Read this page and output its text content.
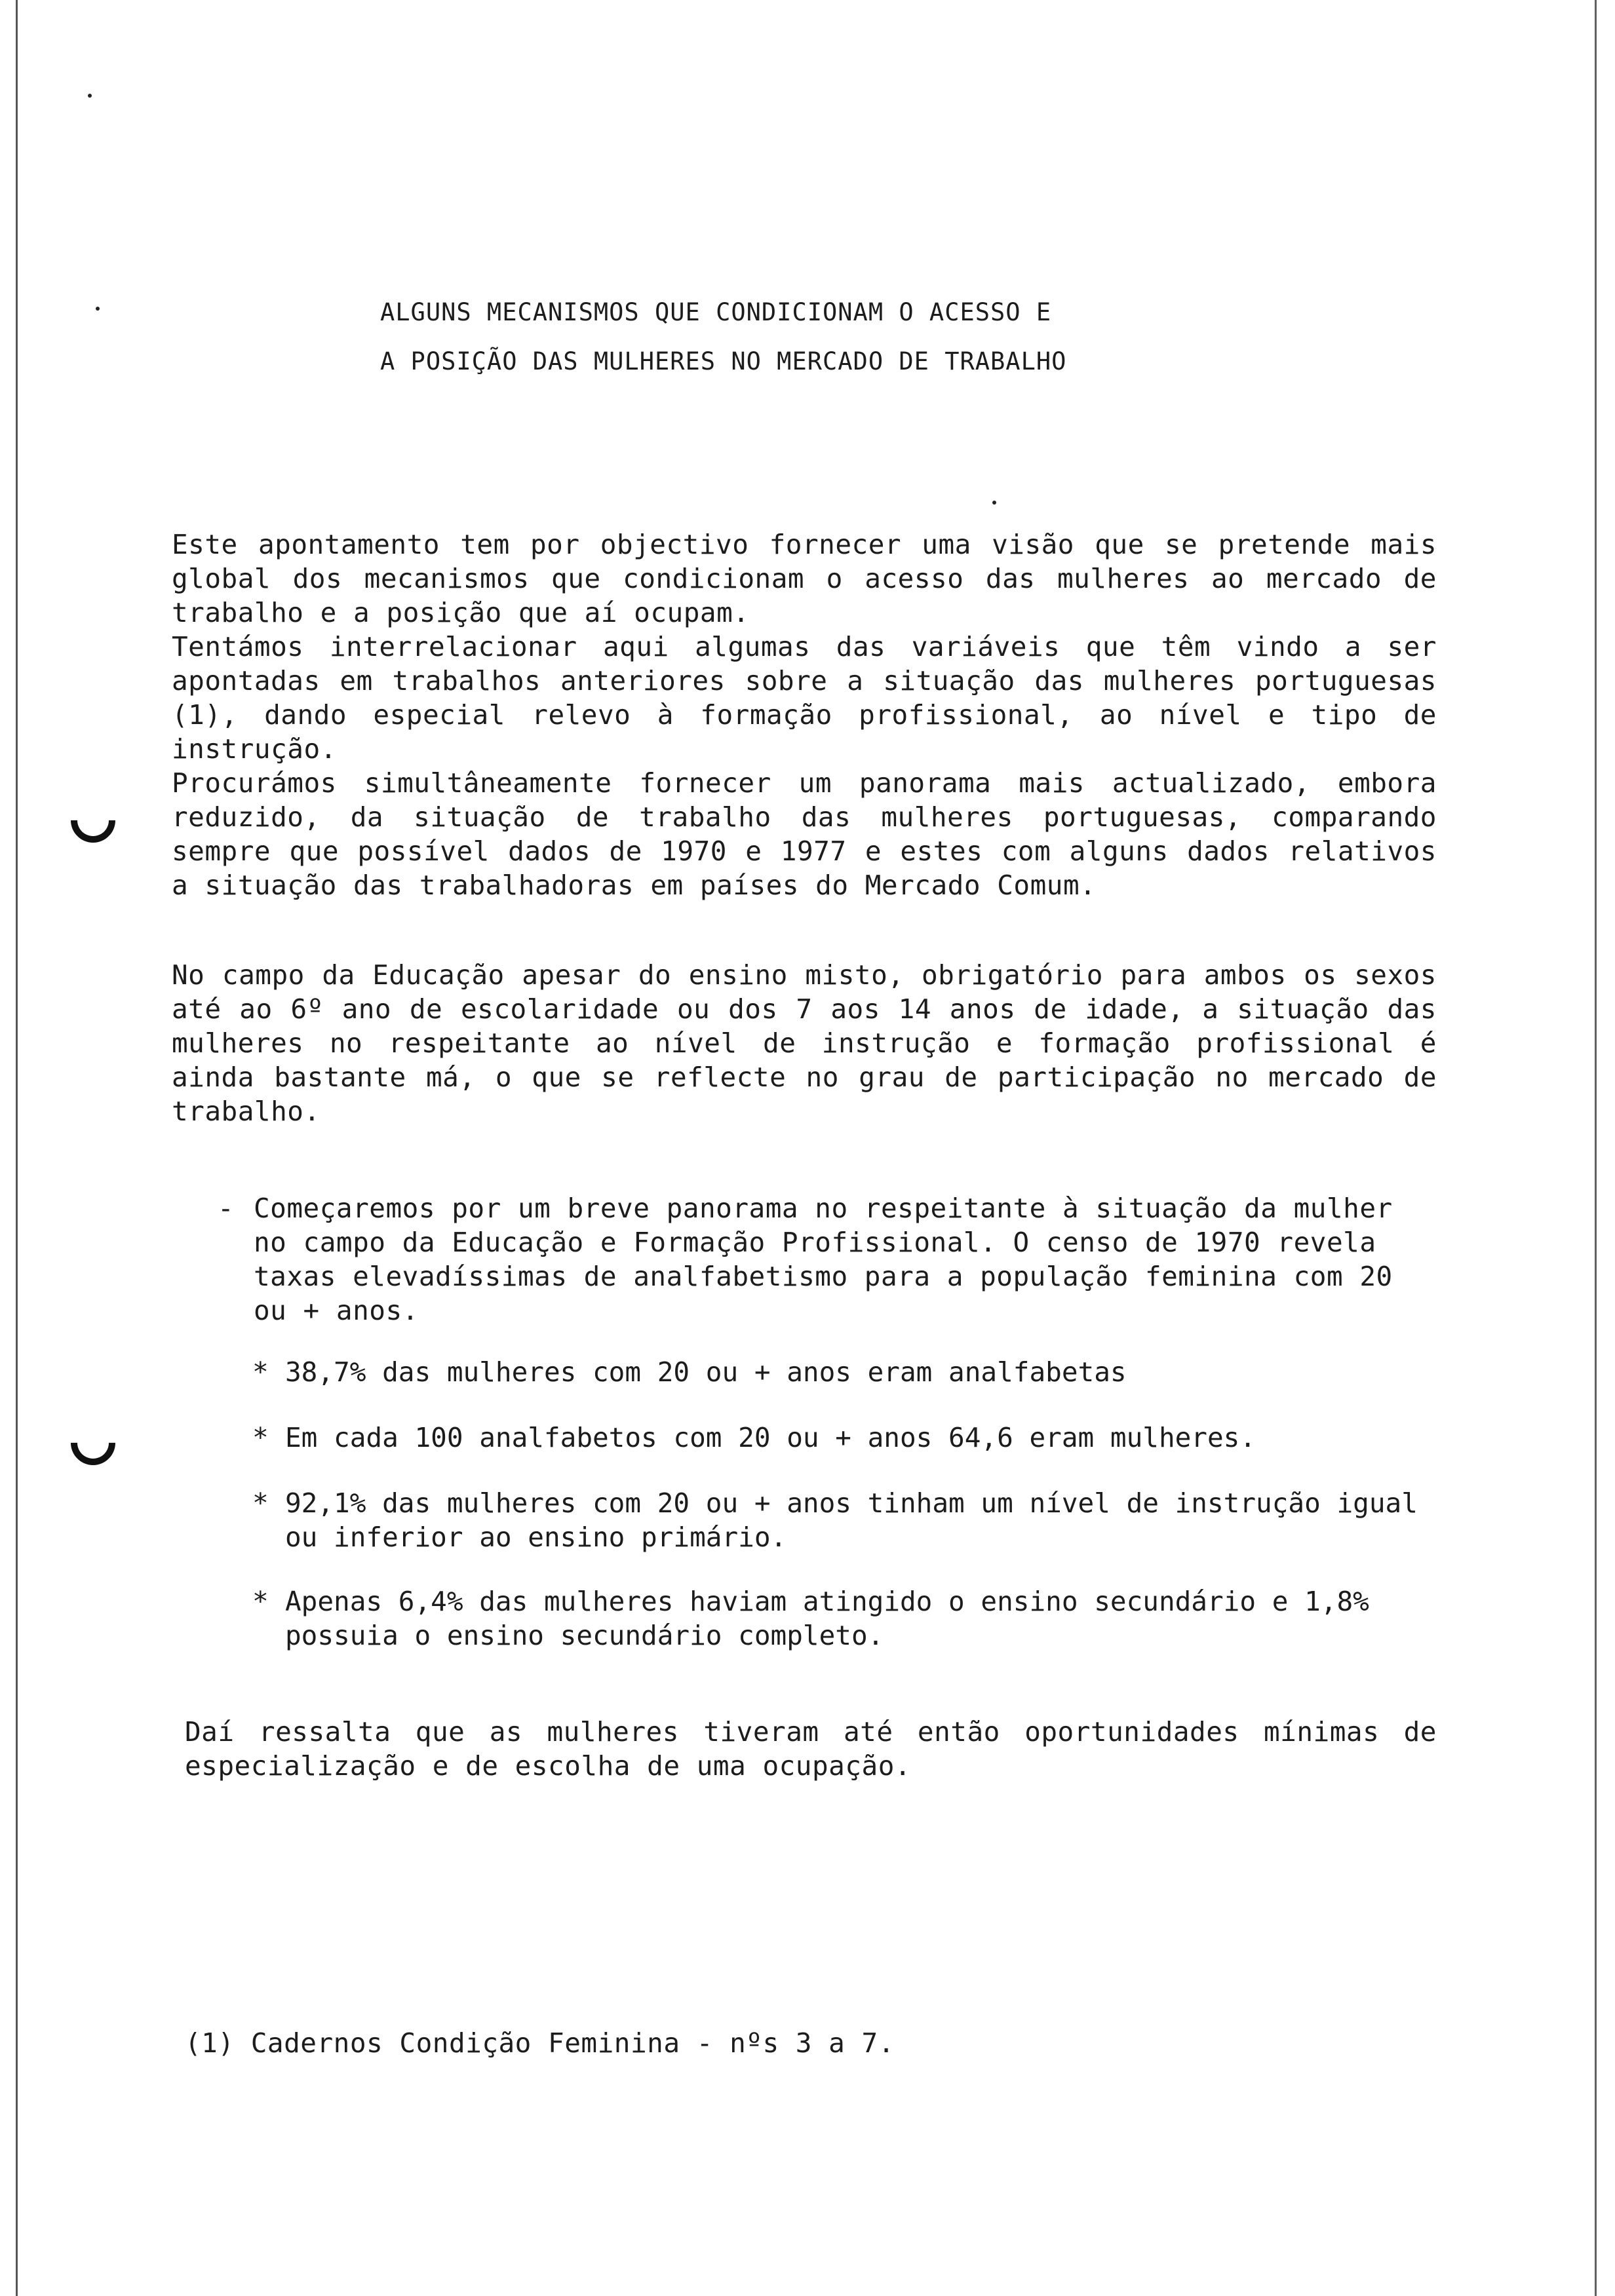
ALGUNS MECANISMOS QUE CONDICIONAM O ACESSO E
A POSIÇÃO DAS MULHERES NO MERCADO DE TRABALHO

Este apontamento tem por objectivo fornecer uma visão que se pretende mais global dos mecanismos que condicionam o acesso das mulheres ao mercado de trabalho e a posição que aí ocupam.

Tentámos interrelacionar aqui algumas das variáveis que têm vindo a ser apontadas em trabalhos anteriores sobre a situação das mulheres portuguesas (1), dando especial relevo à formação profissional, ao nível e tipo de instrução.

Procurámos simultâneamente fornecer um panorama mais actualizado, embora reduzido, da situação de trabalho das mulheres portuguesas, comparando sempre que possível dados de 1970 e 1977 e estes com alguns dados relativos a situação das trabalhadoras em países do Mercado Comum.

No campo da Educação apesar do ensino misto, obrigatório para ambos os sexos até ao 6º ano de escolaridade ou dos 7 aos 14 anos de idade, a situação das mulheres no respeitante ao nível de instrução e formação profissional é ainda bastante má, o que se reflecte no grau de participação no mercado de trabalho.
- Começaremos por um breve panorama no respeitante à situação da mulher no campo da Educação e Formação Profissional. O censo de 1970 revela taxas elevadíssimas de analfabetismo para a população feminina com 20 ou + anos.
* 38,7% das mulheres com 20 ou + anos eram analfabetas
* Em cada 100 analfabetos com 20 ou + anos 64,6 eram mulheres.
* 92,1% das mulheres com 20 ou + anos tinham um nível de instrução igual ou inferior ao ensino primário.
* Apenas 6,4% das mulheres haviam atingido o ensino secundário e 1,8% possuia o ensino secundário completo.
Daí ressalta que as mulheres tiveram até então oportunidades mínimas de especialização e de escolha de uma ocupação.
(1) Cadernos Condição Feminina - nºs 3 a 7.
